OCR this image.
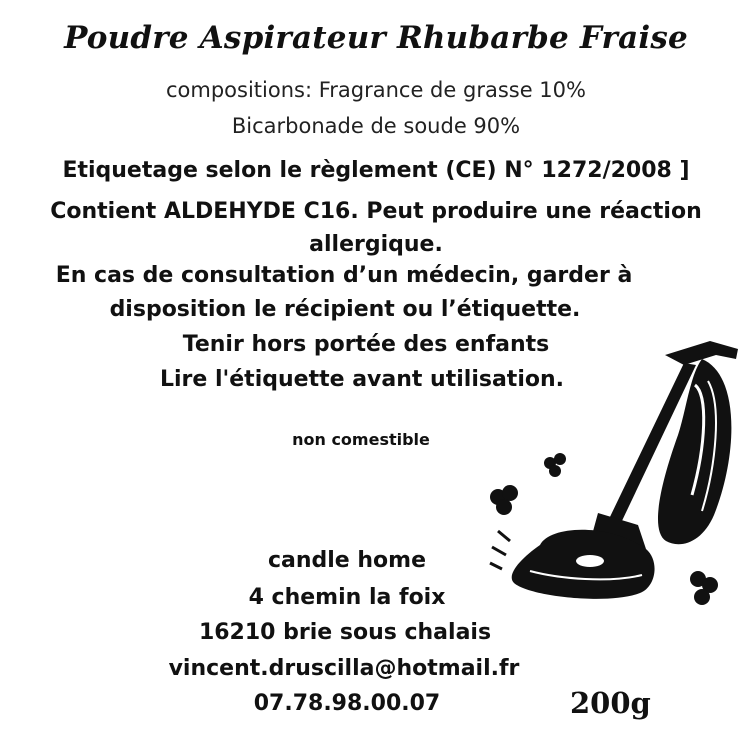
Poudre Aspirateur Rhubarbe Fraise
compositions: Fragrance de grasse 10%
Bicarbonade de soude 90%
Etiquetage selon le règlement (CE) N° 1272/2008 ]
Contient ALDEHYDE C16. Peut produire une réaction
allergique.
En cas de consultation d’un médecin, garder à
disposition le récipient ou l’étiquette.
Tenir hors portée des enfants
Lire l'étiquette avant utilisation.
non comestible
candle home
4 chemin la foix
16210 brie sous chalais
vincent.druscilla@hotmail.fr
07.78.98.00.07	200g
